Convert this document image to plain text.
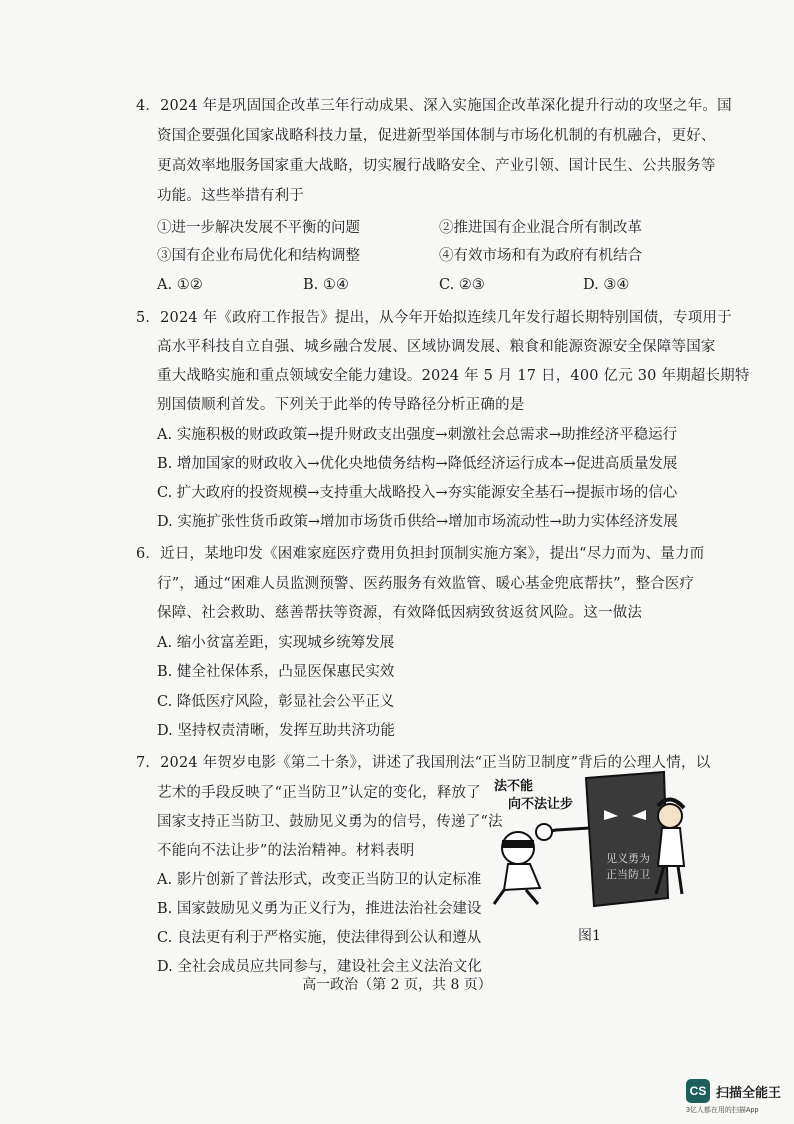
4．2024 年是巩固国企改革三年行动成果、深入实施国企改革深化提升行动的攻坚之年。国
资国企要强化国家战略科技力量，促进新型举国体制与市场化机制的有机融合，更好、
更高效率地服务国家重大战略，切实履行战略安全、产业引领、国计民生、公共服务等
功能。这些举措有利于
①进一步解决发展不平衡的问题	②推进国有企业混合所有制改革
③国有企业布局优化和结构调整	④有效市场和有为政府有机结合
A. ①②	B. ①④	C. ②③	D. ③④
5．2024 年《政府工作报告》提出，从今年开始拟连续几年发行超长期特别国债，专项用于
高水平科技自立自强、城乡融合发展、区域协调发展、粮食和能源资源安全保障等国家
重大战略实施和重点领域安全能力建设。2024 年 5 月 17 日，400 亿元 30 年期超长期特
别国债顺利首发。下列关于此举的传导路径分析正确的是
A. 实施积极的财政政策→提升财政支出强度→刺激社会总需求→助推经济平稳运行
B. 增加国家的财政收入→优化央地债务结构→降低经济运行成本→促进高质量发展
C. 扩大政府的投资规模→支持重大战略投入→夯实能源安全基石→提振市场的信心
D. 实施扩张性货币政策→增加市场货币供给→增加市场流动性→助力实体经济发展
6．近日，某地印发《困难家庭医疗费用负担封顶制实施方案》，提出“尽力而为、量力而
行”，通过“困难人员监测预警、医药服务有效监管、暖心基金兜底帮扶”，整合医疗
保障、社会救助、慈善帮扶等资源，有效降低因病致贫返贫风险。这一做法
A. 缩小贫富差距，实现城乡统筹发展
B. 健全社保体系，凸显医保惠民实效
C. 降低医疗风险，彰显社会公平正义
D. 坚持权责清晰，发挥互助共济功能
7．2024 年贺岁电影《第二十条》，讲述了我国刑法“正当防卫制度”背后的公理人情，以
艺术的手段反映了“正当防卫”认定的变化，释放了
国家支持正当防卫、鼓励见义勇为的信号，传递了“法
不能向不法让步”的法治精神。材料表明
A. 影片创新了普法形式，改变正当防卫的认定标准
B. 国家鼓励见义勇为正义行为，推进法治社会建设
C. 良法更有利于严格实施，使法律得到公认和遵从
D. 全社会成员应共同参与，建设社会主义法治文化
见义勇为
正当防卫
法不能
向不法让步
图1
高一政治（第 2 页，共 8 页）
CS 扫描全能王
3亿人都在用的扫描App
